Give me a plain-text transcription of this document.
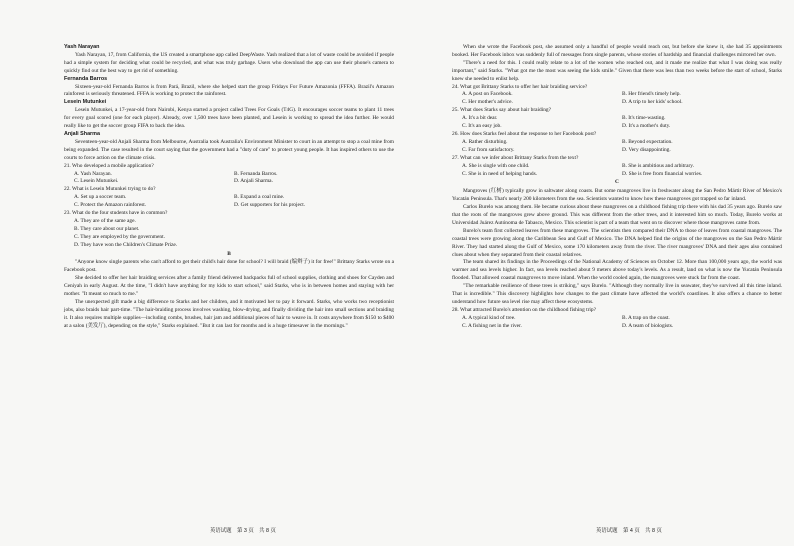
Yash Narayan

Yash Narayan, 17, from California, the US created a smartphone app called DeepWaste. Yash realized that a lot of waste could be avoided if people had a simple system for deciding what could be recycled, and what was truly garbage. Users who download the app can use their phone's camera to quickly find out the best way to get rid of something.

Fernanda Barros

Sixteen-year-old Fernanda Barros is from Pará, Brazil, where she helped start the group Fridays For Future Amazonia (FFFA). Brazil's Amazon rainforest is seriously threatened. FFFA is working to protect the rainforest.

Lesein Mutunkei

Lesein Mutunkei, a 17-year-old from Nairobi, Kenya started a project called Trees For Goals (T4G). It encourages soccer teams to plant 11 trees for every goal scored (one for each player). Already, over 1,500 trees have been planted, and Lesein is working to spread the idea further. He would really like to get the soccer group FIFA to back the idea.

Anjali Sharma

Seventeen-year-old Anjali Sharma from Melbourne, Australia took Australia's Environment Minister to court in an attempt to stop a coal mine from being expanded. The case resulted in the court saying that the government had a "duty of care" to protect young people. It has inspired others to use the courts to force action on the climate crisis.

21. Who developed a mobile application?

A. Yash Narayan.	B. Fernanda Barros.
C. Lesein Mutunkei.	D. Anjali Sharma.

22. What is Lesein Mutunkei trying to do?

A. Set up a soccer team.	B. Expand a coal mine.
C. Protect the Amazon rainforest.	D. Get supporters for his project.

23. What do the four students have in common?

A. They are of the same age.

B. They care about our planet.

C. They are employed by the government.

D. They have won the Children's Climate Prize.

B

"Anyone know single parents who can't afford to get their child's hair done for school? I will braid (编辫子) it for free!" Brittany Starks wrote on a Facebook post.

She decided to offer her hair braiding services after a family friend delivered backpacks full of school supplies, clothing and shoes for Cayden and Ceniyah in early August. At the time, "I didn't have anything for my kids to start school," said Starks, who is in between homes and staying with her mother. "It meant so much to me."

The unexpected gift made a big difference to Starks and her children, and it motivated her to pay it forward. Starks, who works two receptionist jobs, also braids hair part-time. "The hair-braiding process involves washing, blow-drying, and finally dividing the hair into small sections and braiding it. It also requires multiple supplies—including combs, brushes, hair jam and additional pieces of hair to weave in. It costs anywhere from $150 to $400 at a salon (美发厅), depending on the style," Starks explained. "But it can last for months and is a huge timesaver in the mornings."

When she wrote the Facebook post, she assumed only a handful of people would reach out, but before she knew it, she had 35 appointments booked. Her Facebook inbox was suddenly full of messages from single parents, whose stories of hardship and financial challenges mirrored her own.

"There's a need for this. I could really relate to a lot of the women who reached out, and it made me realize that what I was doing was really important," said Starks. "What got me the most was seeing the kids smile." Given that there was less than two weeks before the start of school, Starks knew she needed to enlist help.

24. What got Brittany Starks to offer her hair braiding service?

A. A post on Facebook.	B. Her friend's timely help.
C. Her mother's advice.	D. A trip to her kids' school.

25. What does Starks say about hair braiding?

A. It's a bit dear.	B. It's time-wasting.
C. It's an easy job.	D. It's a mother's duty.

26. How does Starks feel about the response to her Facebook post?

A. Rather disturbing.	B. Beyond expectation.
C. Far from satisfactory.	D. Very disappointing.

27. What can we infer about Brittany Starks from the text?

A. She is single with one child.	B. She is ambitious and arbitrary.
C. She is in need of helping hands.	D. She is free from financial worries.

C

Mangroves (红树) typically grow in saltwater along coasts. But some mangroves live in freshwater along the San Pedro Mártir River of Mexico's Yucatán Peninsula. That's nearly 200 kilometers from the sea. Scientists wanted to know how these mangroves got trapped so far inland.

Carlos Burelo was among them. He became curious about these mangroves on a childhood fishing trip there with his dad 35 years ago. Burelo saw that the roots of the mangroves grew above ground. This was different from the other trees, and it interested him so much. Today, Burelo works at Universidad Juárez Autónoma de Tabasco, Mexico. This scientist is part of a team that went on to discover where those mangroves came from.

Burelo's team first collected leaves from these mangroves. The scientists then compared their DNA to those of leaves from coastal mangroves. The coastal trees were growing along the Caribbean Sea and Gulf of Mexico. The DNA helped find the origins of the mangroves on the San Pedro Mártir River. They had started along the Gulf of Mexico, some 170 kilometers away from the river. The river mangroves' DNA and their ages also contained clues about when they separated from their coastal relatives.

The team shared its findings in the Proceedings of the National Academy of Sciences on October 12. More than 100,000 years ago, the world was warmer and sea levels higher. In fact, sea levels reached about 9 meters above today's levels. As a result, land on what is now the Yucatán Peninsula flooded. That allowed coastal mangroves to move inland. When the world cooled again, the mangroves were stuck far from the coast.

"The remarkable resilience of these trees is striking," says Burelo. "Although they normally live in seawater, they've survived all this time inland. That is incredible." This discovery highlights how changes to the past climate have affected the world's coastlines. It also offers a chance to better understand how future sea level rise may affect these ecosystems.

28. What attracted Burelo's attention on the childhood fishing trip?

A. A typical kind of tree.	B. A trap on the coast.
C. A fishing net in the river.	D. A team of biologists.
英语试题　第 3 页　共 8 页	英语试题　第 4 页　共 8 页
